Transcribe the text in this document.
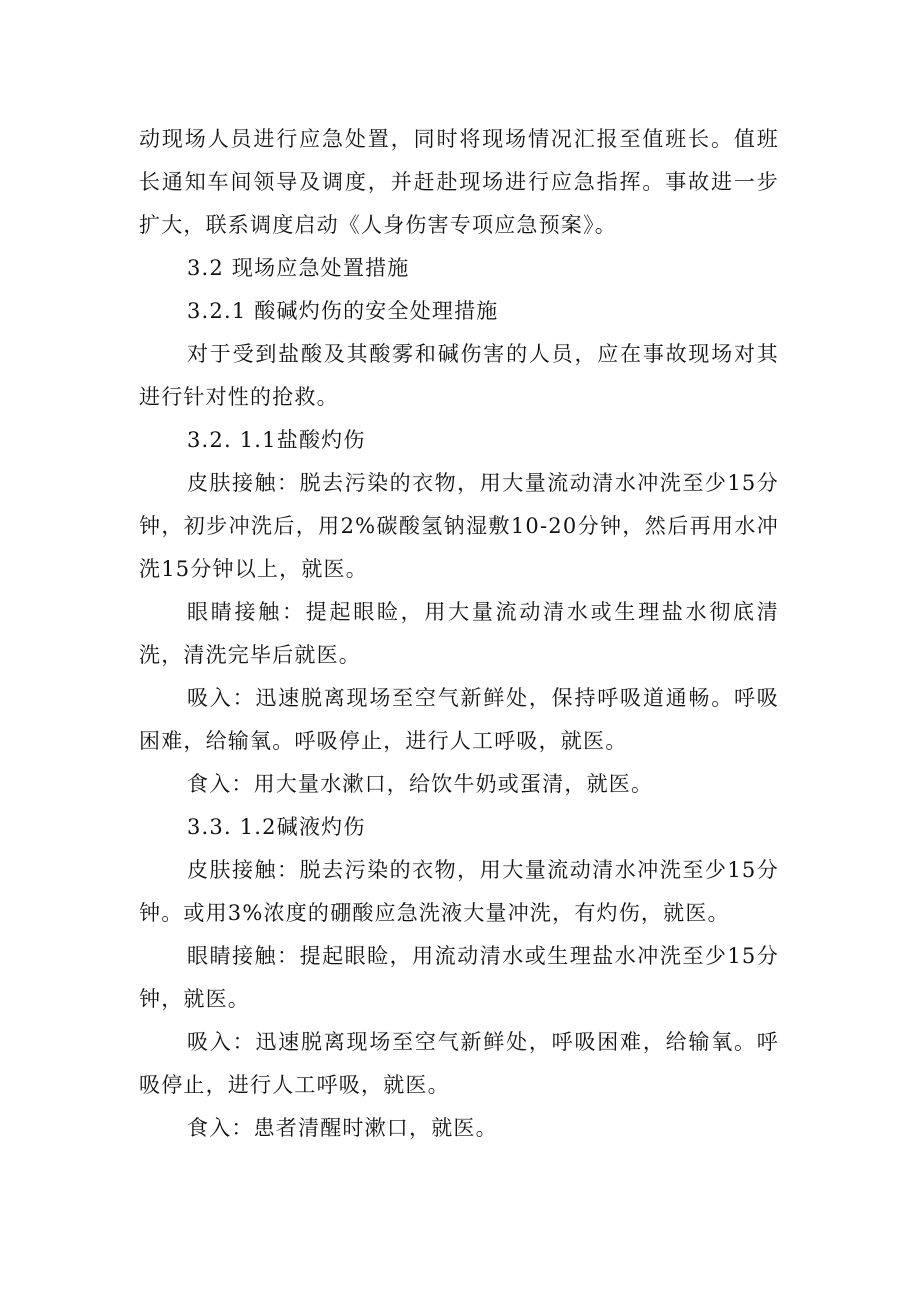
动现场人员进行应急处置，同时将现场情况汇报至值班长。值班长通知车间领导及调度，并赶赴现场进行应急指挥。事故进一步扩大，联系调度启动《人身伤害专项应急预案》。

3.2 现场应急处置措施

3.2.1 酸碱灼伤的安全处理措施

对于受到盐酸及其酸雾和碱伤害的人员，应在事故现场对其进行针对性的抢救。

3.2. 1.1盐酸灼伤

皮肤接触：脱去污染的衣物，用大量流动清水冲洗至少15分钟，初步冲洗后，用2%碳酸氢钠湿敷10-20分钟，然后再用水冲洗15分钟以上，就医。

眼睛接触：提起眼睑，用大量流动清水或生理盐水彻底清洗，清洗完毕后就医。

吸入：迅速脱离现场至空气新鲜处，保持呼吸道通畅。呼吸困难，给输氧。呼吸停止，进行人工呼吸，就医。

食入：用大量水漱口，给饮牛奶或蛋清，就医。

3.3. 1.2碱液灼伤

皮肤接触：脱去污染的衣物，用大量流动清水冲洗至少15分钟。或用3%浓度的硼酸应急洗液大量冲洗，有灼伤，就医。

眼睛接触：提起眼睑，用流动清水或生理盐水冲洗至少15分钟，就医。

吸入：迅速脱离现场至空气新鲜处，呼吸困难，给输氧。呼吸停止，进行人工呼吸，就医。

食入：患者清醒时漱口，就医。
